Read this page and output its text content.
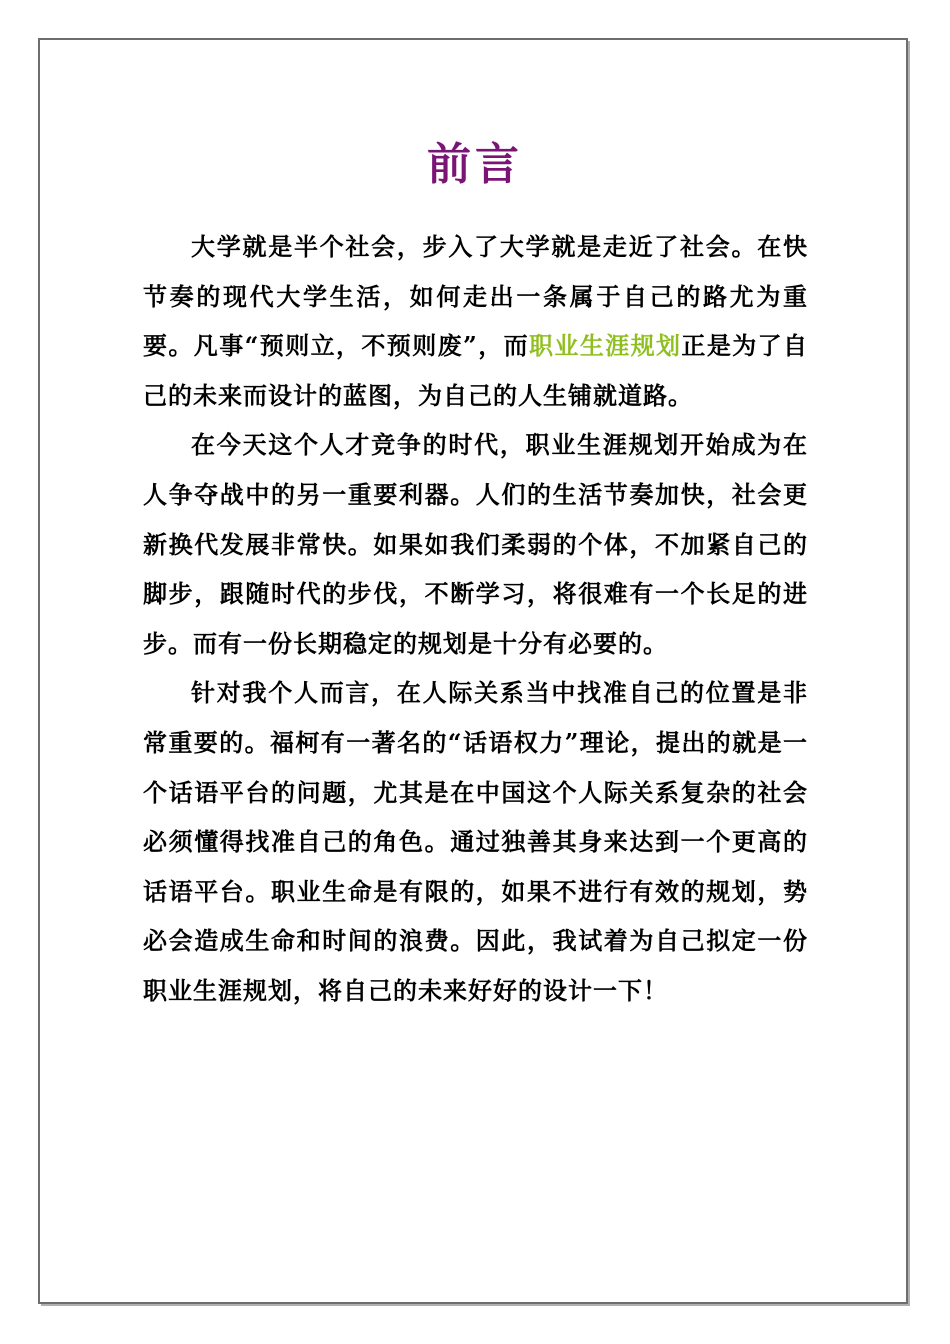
前言

大学就是半个社会，步入了大学就是走近了社会。在快节奏的现代大学生活，如何走出一条属于自己的路尤为重要。凡事“预则立，不预则废”，而职业生涯规划正是为了自己的未来而设计的蓝图，为自己的人生铺就道路。

在今天这个人才竞争的时代，职业生涯规划开始成为在人争夺战中的另一重要利器。人们的生活节奏加快，社会更新换代发展非常快。如果如我们柔弱的个体，不加紧自己的脚步，跟随时代的步伐，不断学习，将很难有一个长足的进步。而有一份长期稳定的规划是十分有必要的。

针对我个人而言，在人际关系当中找准自己的位置是非常重要的。福柯有一著名的“话语权力”理论，提出的就是一个话语平台的问题，尤其是在中国这个人际关系复杂的社会必须懂得找准自己的角色。通过独善其身来达到一个更高的话语平台。职业生命是有限的，如果不进行有效的规划，势必会造成生命和时间的浪费。因此，我试着为自己拟定一份职业生涯规划，将自己的未来好好的设计一下！
